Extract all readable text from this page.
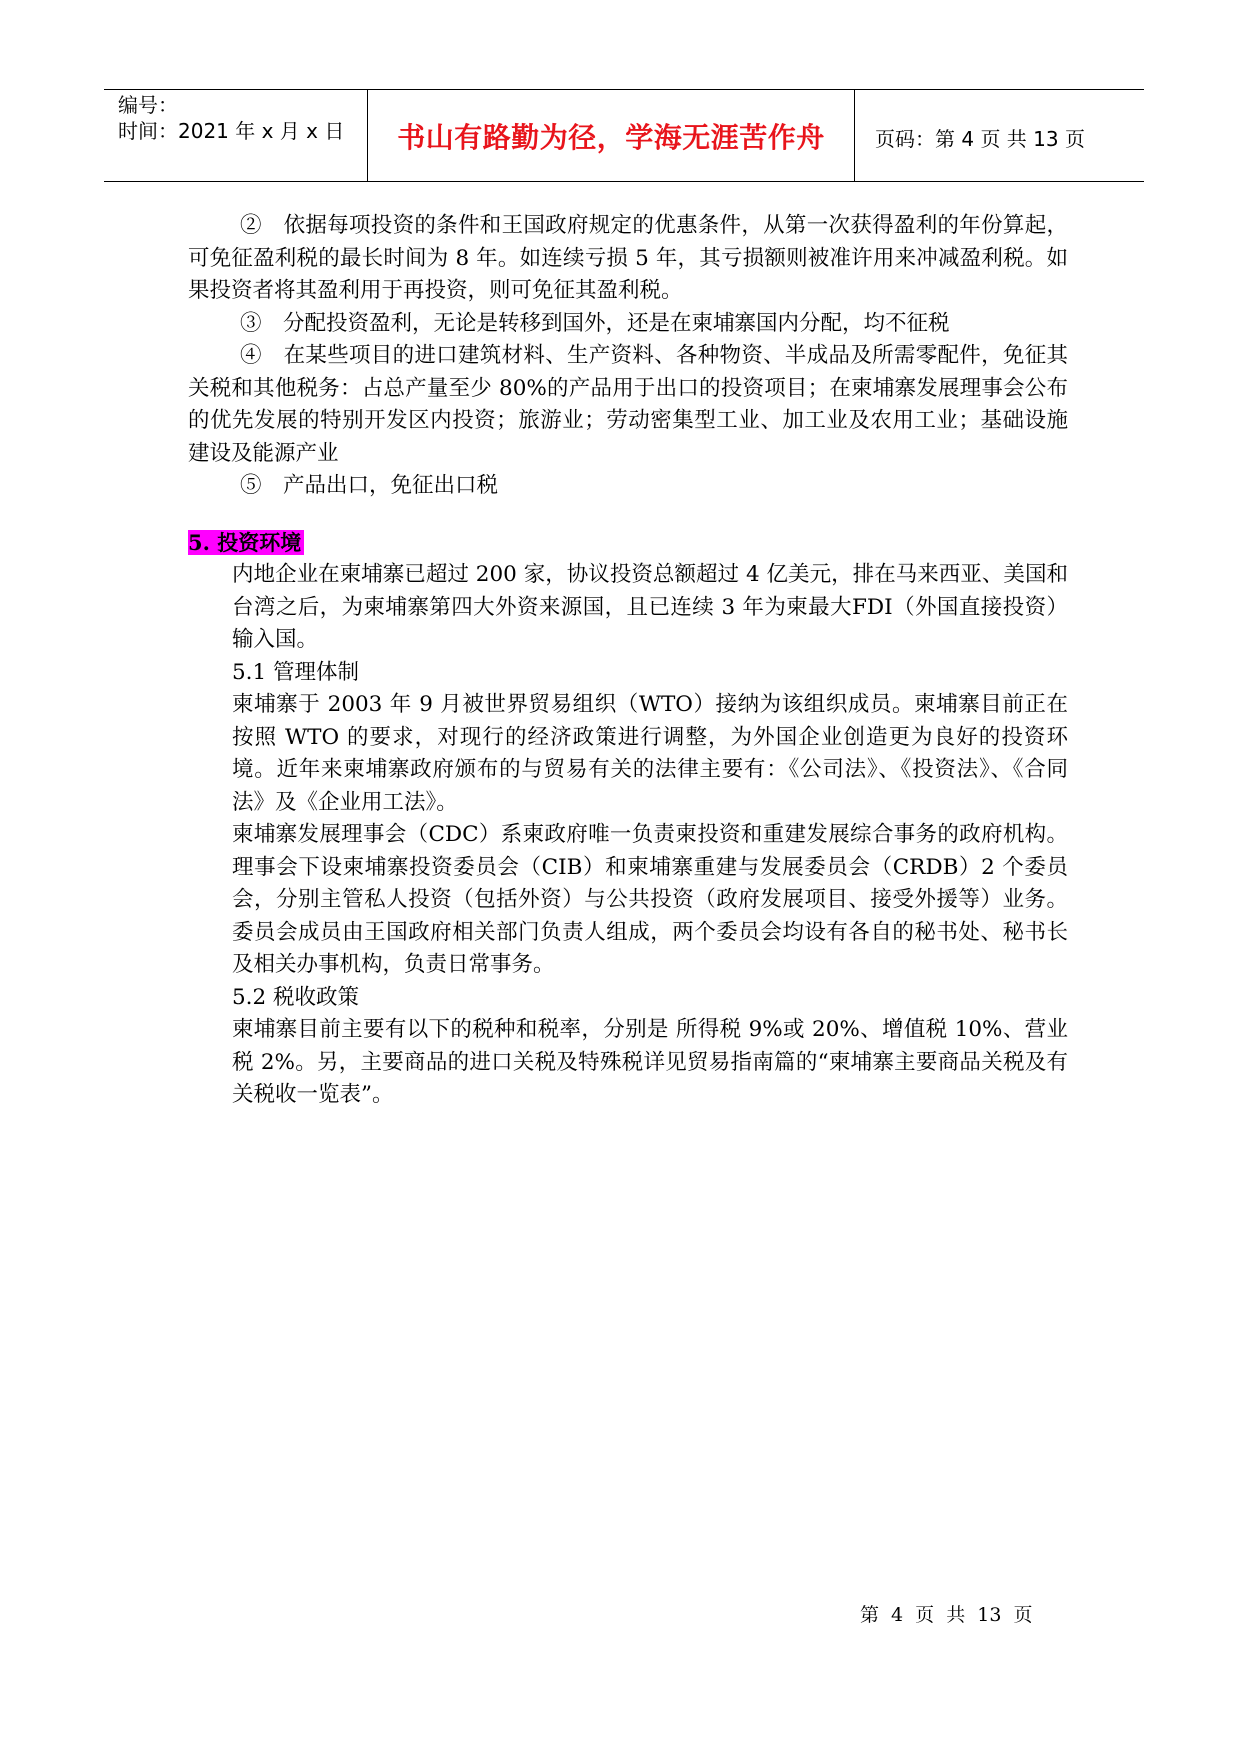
编号：
时间：2021 年 x 月 x 日 书山有路勤为径，学海无涯苦作舟	页码：第 4 页 共 13 页

②　依据每项投资的条件和王国政府规定的优惠条件，从第一次获得盈利的年份算起，可免征盈利税的最长时间为 8 年。如连续亏损 5 年，其亏损额则被准许用来冲减盈利税。如果投资者将其盈利用于再投资，则可免征其盈利税。

③　分配投资盈利，无论是转移到国外，还是在柬埔寨国内分配，均不征税

④　在某些项目的进口建筑材料、生产资料、各种物资、半成品及所需零配件，免征其关税和其他税务：占总产量至少 80%的产品用于出口的投资项目；在柬埔寨发展理事会公布的优先发展的特别开发区内投资；旅游业；劳动密集型工业、加工业及农用工业；基础设施建设及能源产业

⑤　产品出口，免征出口税

5. 投资环境

内地企业在柬埔寨已超过 200 家，协议投资总额超过 4 亿美元，排在马来西亚、美国和台湾之后，为柬埔寨第四大外资来源国，且已连续 3 年为柬最大FDI（外国直接投资）输入国。

5.1 管理体制

柬埔寨于 2003 年 9 月被世界贸易组织（WTO）接纳为该组织成员。柬埔寨目前正在按照 WTO 的要求，对现行的经济政策进行调整，为外国企业创造更为良好的投资环境。近年来柬埔寨政府颁布的与贸易有关的法律主要有：《公司法》、《投资法》、《合同法》及《企业用工法》。

柬埔寨发展理事会（CDC）系柬政府唯一负责柬投资和重建发展综合事务的政府机构。理事会下设柬埔寨投资委员会（CIB）和柬埔寨重建与发展委员会（CRDB）2 个委员会，分别主管私人投资（包括外资）与公共投资（政府发展项目、接受外援等）业务。委员会成员由王国政府相关部门负责人组成，两个委员会均设有各自的秘书处、秘书长及相关办事机构，负责日常事务。

5.2 税收政策

柬埔寨目前主要有以下的税种和税率，分别是 所得税 9%或 20%、增值税 10%、营业税 2%。另，主要商品的进口关税及特殊税详见贸易指南篇的“柬埔寨主要商品关税及有关税收一览表”。

第 4 页 共 13 页
